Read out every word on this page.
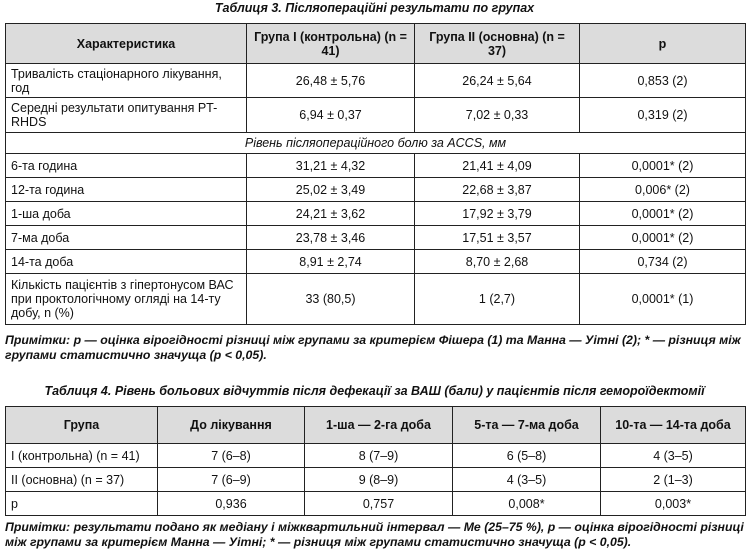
Таблиця 3. Післяопераційні результати по групах
Характеристика	Група I (контрольна) (n = 41)	Група II (основна) (n = 37)	p
Тривалість стаціонарного лікування, год	26,48 ± 5,76	26,24 ± 5,64	0,853 (2)
Середні результати опитування PT-RHDS	6,94 ± 0,37	7,02 ± 0,33	0,319 (2)
Рівень післяопераційного болю за ACCS, мм			
6-та година	31,21 ± 4,32	21,41 ± 4,09	0,0001* (2)
12-та година	25,02 ± 3,49	22,68 ± 3,87	0,006* (2)
1-ша доба	24,21 ± 3,62	17,92 ± 3,79	0,0001* (2)
7-ма доба	23,78 ± 3,46	17,51 ± 3,57	0,0001* (2)
14-та доба	8,91 ± 2,74	8,70 ± 2,68	0,734 (2)
Кількість пацієнтів з гіпертонусом ВАС при проктологічному огляді на 14-ту добу, n (%)	33 (80,5)	1 (2,7)	0,0001* (1)
Примітки: р — оцінка вірогідності різниці між групами за критерієм Фішера (1) та Манна — Уітні (2); * — різниця між групами статистично значуща (р < 0,05).
Таблиця 4. Рівень больових відчуттів після дефекації за ВАШ (бали) у пацієнтів після гемороїдектомії
Група	До лікування	1-ша — 2-га доба	5-та — 7-ма доба	10-та — 14-та доба
I (контрольна) (n = 41)	7 (6–8)	8 (7–9)	6 (5–8)	4 (3–5)
II (основна) (n = 37)	7 (6–9)	9 (8–9)	4 (3–5)	2 (1–3)
р	0,936	0,757	0,008*	0,003*
Примітки: результати подано як медіану і міжквартильний інтервал — Ме (25–75 %), р — оцінка вірогідності різниці між групами за критерієм Манна — Уітні; * — різниця між групами статистично значуща (р < 0,05).
